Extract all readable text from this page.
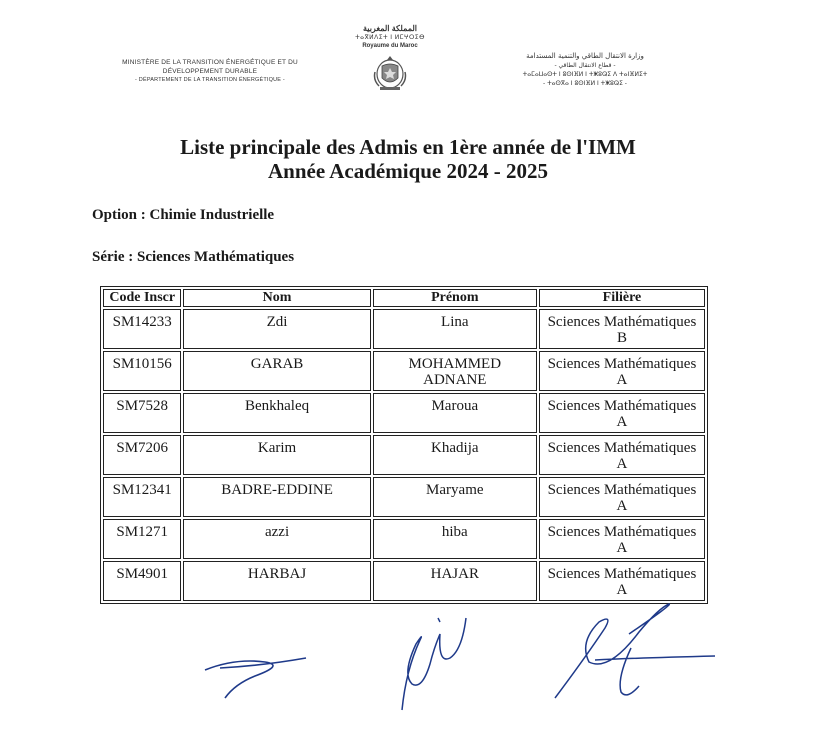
MINISTÈRE DE LA TRANSITION ÉNERGÉTIQUE ET DU
DÉVELOPPEMENT DURABLE
- DÉPARTEMENT DE LA TRANSITION ÉNERGÉTIQUE -
المملكة المغربية
ⵜⴰⴳⵍⴷⵉⵜ ⵏ ⵍⵎⵖⵔⵉⴱ
Royaume du Maroc
وزارة الانتقال الطاقي والتنمية المستدامة
- قطاع الانتقال الطاقي -
ⵜⴰⵎⴰⵡⴰⵙⵜ ⵏ ⵓⵙⵏⴼⵍ ⵏ ⵜⵥⵓⵕⵉ ⴷ ⵜⴰⵏⴼⵍⵉⵜ
- ⵜⴰⵙⴳⴰ ⵏ ⵓⵙⵏⴼⵍ ⵏ ⵜⵥⵓⵕⵉ -
Liste principale des Admis en 1ère année de l'IMM
Année Académique 2024 - 2025
Option : Chimie Industrielle
Série : Sciences Mathématiques
Code Inscr	Nom	Prénom	Filière
SM14233	Zdi	Lina	Sciences Mathématiques B
SM10156	GARAB	MOHAMMED ADNANE	Sciences Mathématiques A
SM7528	Benkhaleq	Maroua	Sciences Mathématiques A
SM7206	Karim	Khadija	Sciences Mathématiques A
SM12341	BADRE-EDDINE	Maryame	Sciences Mathématiques A
SM1271	azzi	hiba	Sciences Mathématiques A
SM4901	HARBAJ	HAJAR	Sciences Mathématiques A
